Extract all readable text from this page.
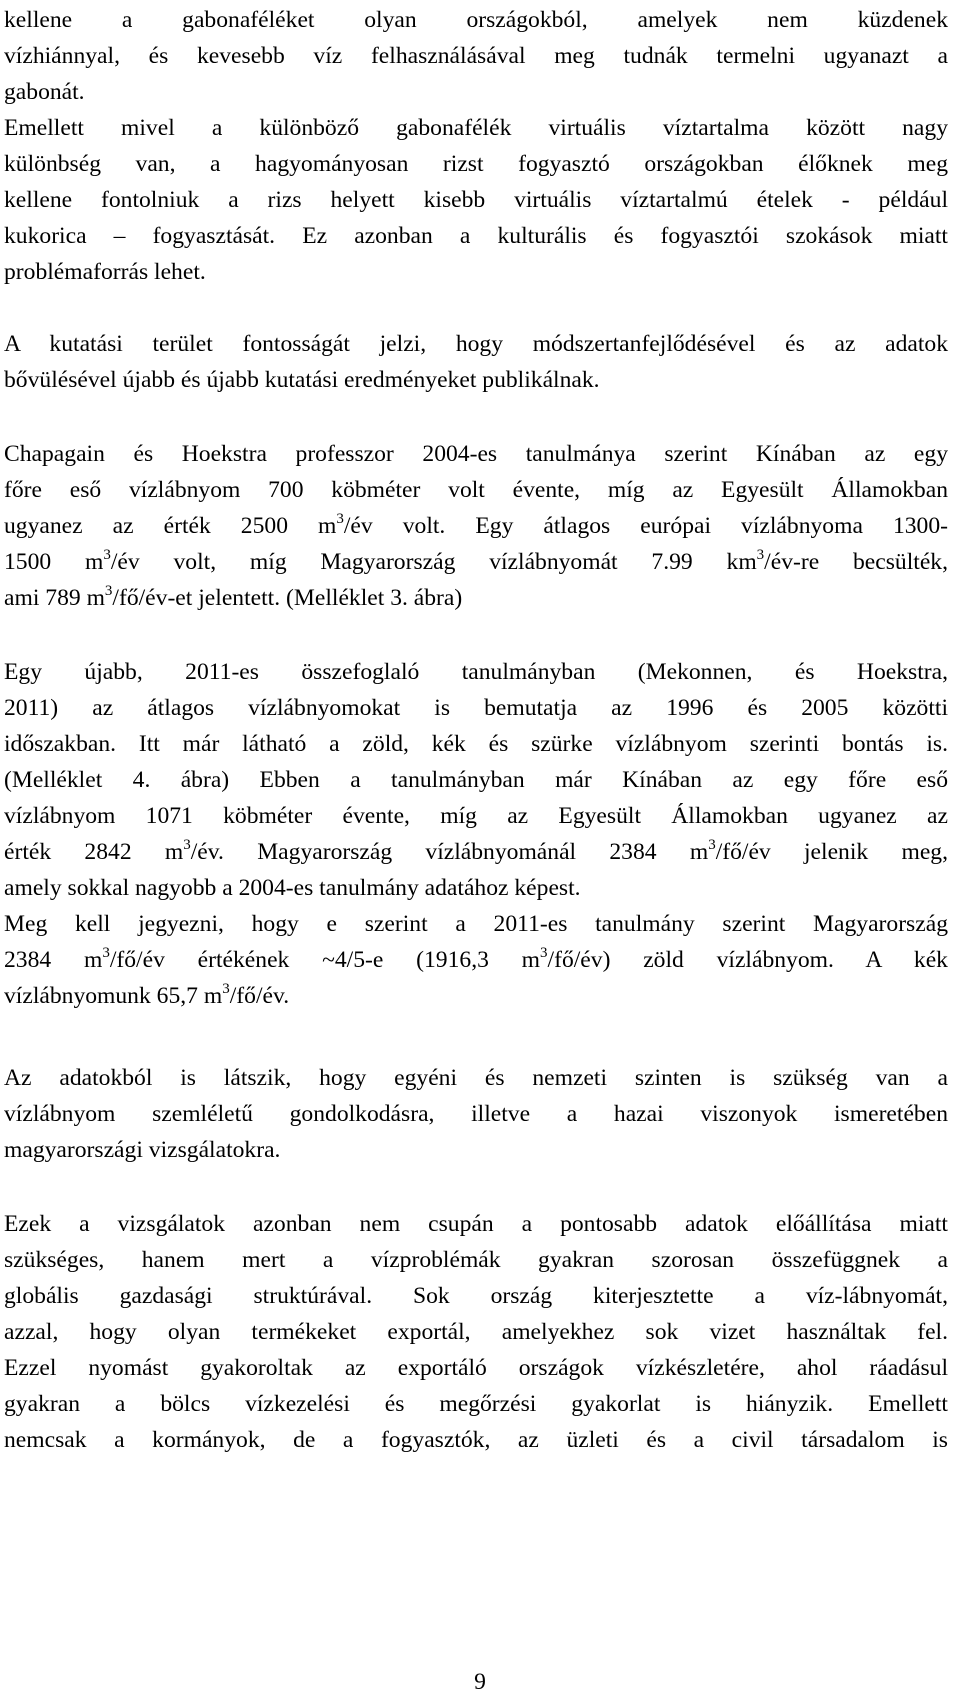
kellene a gabonaféléket olyan országokból, amelyek nem küzdenek
vízhiánnyal, és kevesebb víz felhasználásával meg tudnák termelni ugyanazt a
gabonát.
Emellett mivel a különböző gabonafélék virtuális víztartalma között nagy
különbség van, a hagyományosan rizst fogyasztó országokban élőknek meg
kellene fontolniuk a rizs helyett kisebb virtuális víztartalmú ételek - például
kukorica – fogyasztását. Ez azonban a kulturális és fogyasztói szokások miatt
problémaforrás lehet.
A kutatási terület fontosságát jelzi, hogy módszertanfejlődésével és az adatok
bővülésével újabb és újabb kutatási eredményeket publikálnak.
Chapagain és Hoekstra professzor 2004-es tanulmánya szerint Kínában az egy
főre eső vízlábnyom 700 köbméter volt évente, míg az Egyesült Államokban
ugyanez az érték 2500 $m^3/év$ volt. Egy átlagos európai vízlábnyoma 1300-
1500 $m^3/év$ volt, míg Magyarország vízlábnyomát 7.99 $km^3/év-re$ becsülték,
ami 789 $m^3/fő/év-et$ jelentett. (Melléklet 3. ábra)
Egy újabb, 2011-es összefoglaló tanulmányban (Mekonnen, és Hoekstra,
2011) az átlagos vízlábnyomokat is bemutatja az 1996 és 2005 közötti
időszakban. Itt már látható a zöld, kék és szürke vízlábnyom szerinti bontás is.
(Melléklet 4. ábra) Ebben a tanulmányban már Kínában az egy főre eső
vízlábnyom 1071 köbméter évente, míg az Egyesült Államokban ugyanez az
érték 2842 $m^3/év$. Magyarország vízlábnyománál 2384 $m^3/fő/év$ jelenik meg,
amely sokkal nagyobb a 2004-es tanulmány adatához képest.
Meg kell jegyezni, hogy e szerint a 2011-es tanulmány szerint Magyarország
2384 $m^3/fő/év$ értékének ~4/5-e (1916,3 $m^3/fő/év$) zöld vízlábnyom. A kék
vízlábnyomunk 65,7 $m^3/fő/év$.
Az adatokból is látszik, hogy egyéni és nemzeti szinten is szükség van a
vízlábnyom szemléletű gondolkodásra, illetve a hazai viszonyok ismeretében
magyarországi vizsgálatokra.
Ezek a vizsgálatok azonban nem csupán a pontosabb adatok előállítása miatt
szükséges, hanem mert a vízproblémák gyakran szorosan összefüggnek a
globális gazdasági struktúrával. Sok ország kiterjesztette a víz-lábnyomát,
azzal, hogy olyan termékeket exportál, amelyekhez sok vizet használtak fel.
Ezzel nyomást gyakoroltak az exportáló országok vízkészletére, ahol ráadásul
gyakran a bölcs vízkezelési és megőrzési gyakorlat is hiányzik. Emellett
nemcsak a kormányok, de a fogyasztók, az üzleti és a civil társadalom is
9
